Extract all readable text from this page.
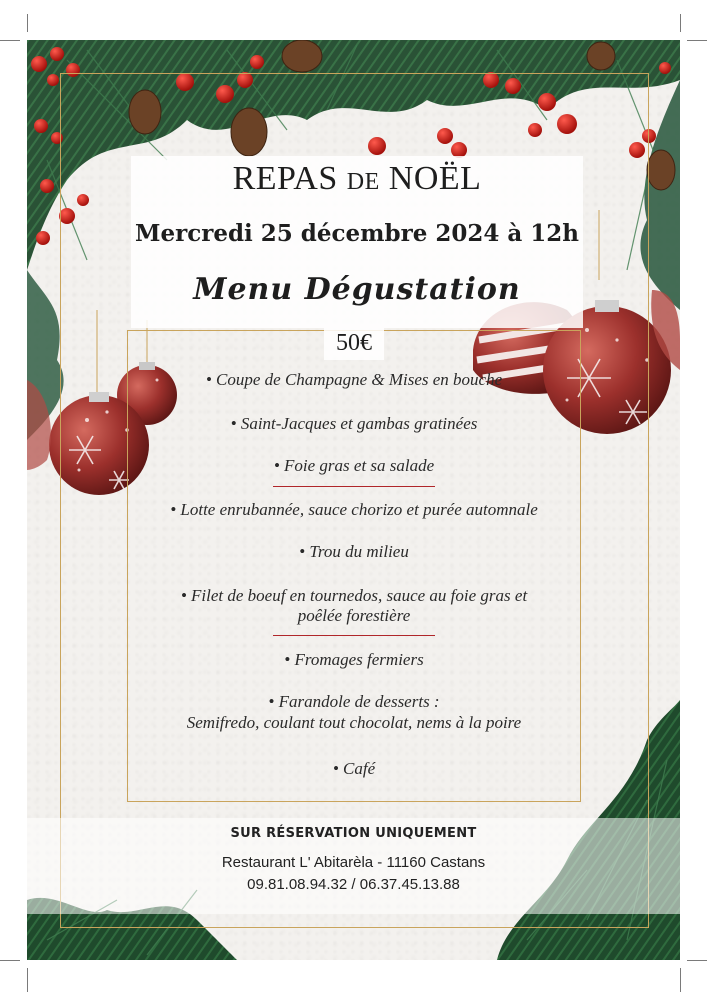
REPAS DE NOËL
Mercredi 25 décembre 2024 à 12h
Menu Dégustation
50€
• Coupe de Champagne & Mises en bouche
• Saint-Jacques et gambas gratinées
• Foie gras et sa salade
• Lotte enrubannée, sauce chorizo et purée automnale
• Trou du milieu
• Filet de boeuf en tournedos, sauce au foie gras et
poêlée forestière
• Fromages fermiers
• Farandole de desserts :
Semifredo, coulant tout chocolat, nems à la poire
• Café
SUR RÉSERVATION UNIQUEMENT
Restaurant L' Abitarèla - 11160 Castans
09.81.08.94.32 / 06.37.45.13.88
